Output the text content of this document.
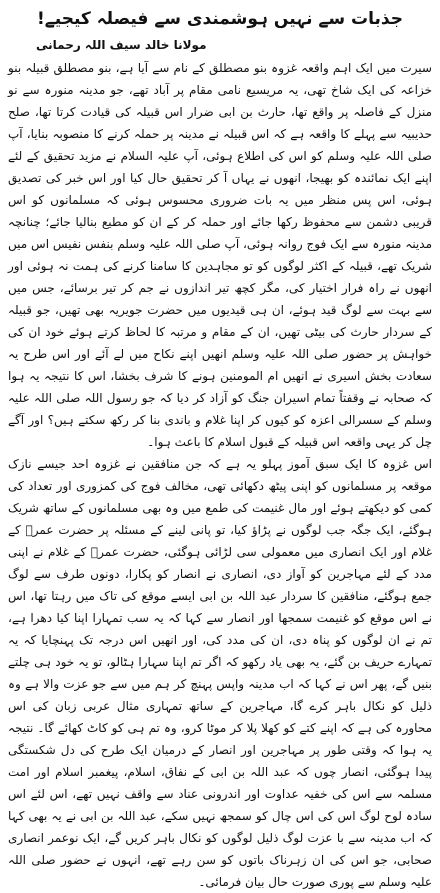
جذبات سے نہیں ہوشمندی سے فیصلہ کیجیے!
مولانا خالد سیف اللہ رحمانی

سیرت میں ایک اہم واقعہ غزوہ بنو مصطلق کے نام سے آیا ہے، بنو مصطلق قبیلہ بنو خزاعہ کی ایک شاخ تھی، یہ مریسیع نامی مقام پر آباد تھے، جو مدینہ منورہ سے نو منزل کے فاصلہ پر واقع تھا، حارث بن ابی ضرار اس قبیلہ کی قیادت کرتا تھا، صلح حدیبیہ سے پہلے کا واقعہ ہے کہ اس قبیلہ نے مدینہ پر حملہ کرنے کا منصوبہ بنایا، آپ صلی اللہ علیہ وسلم کو اس کی اطلاع ہوئی، آپ علیہ السلام نے مزید تحقیق کے لئے اپنے ایک نمائندہ کو بھیجا، انھوں نے یہاں آ کر تحقیق حال کیا اور اس خبر کی تصدیق ہوئی، اس پس منظر میں یہ بات ضروری محسوس ہوئی کہ مسلمانوں کو اس قریبی دشمن سے محفوظ رکھا جائے اور حملہ کر کے ان کو مطیع بنالیا جائے؛ چنانچہ مدینہ منورہ سے ایک فوج روانہ ہوئی، آپ صلی اللہ علیہ وسلم بنفس نفیس اس میں شریک تھے، قبیلہ کے اکثر لوگوں کو تو مجاہدین کا سامنا کرنے کی ہمت نہ ہوئی اور انھوں نے راہ فرار اختیار کی، مگر کچھ تیر اندازوں نے جم کر تیر برسائے، جس میں سے بہت سے لوگ قید ہوئے، ان ہی قیدیوں میں حضرت جویریہ بھی تھیں، جو قبیلہ کے سردار حارث کی بیٹی تھیں، ان کے مقام و مرتبہ کا لحاظ کرتے ہوئے خود ان کی خواہش پر حضور صلی اللہ علیہ وسلم انھیں اپنے نکاح میں لے آئے اور اس طرح یہ سعادت بخش اسیری نے انھیں ام المومنین ہونے کا شرف بخشا، اس کا نتیجہ یہ ہوا کہ صحابہ نے وقفتاً تمام اسیران جنگ کو آزاد کر دیا کہ جو رسول اللہ صلی اللہ علیہ وسلم کے سسرالی اعزہ کو کیوں کر اپنا غلام و باندی بنا کر رکھ سکتے ہیں؟ اور آگے چل کر یہی واقعہ اس قبیلہ کے قبول اسلام کا باعث ہوا۔

اس غزوہ کا ایک سبق آموز پہلو یہ ہے کہ جن منافقین نے غزوہ احد جیسے نازک موقعہ پر مسلمانوں کو اپنی پیٹھ دکھائی تھی، مخالف فوج کی کمزوری اور تعداد کی کمی کو دیکھتے ہوئے اور مال غنیمت کی طمع میں وہ بھی مسلمانوں کے ساتھ شریک ہوگئے، ایک جگہ جب لوگوں نے پڑاؤ کیا، تو پانی لینے کے مسئلہ پر حضرت عمرؓ کے غلام اور ایک انصاری میں معمولی سی لڑائی ہوگئی، حضرت عمرؓ کے غلام نے اپنی مدد کے لئے مہاجرین کو آواز دی، انصاری نے انصار کو پکارا، دونوں طرف سے لوگ جمع ہوگئے، منافقین کا سردار عبد اللہ بن ابی ایسے موقع کی تاک میں رہتا تھا، اس نے اس موقع کو غنیمت سمجھا اور انصار سے کہا کہ یہ سب تمہارا اپنا کیا دھرا ہے، تم نے ان لوگوں کو پناہ دی، ان کی مدد کی، اور انھیں اس درجہ تک پہنچایا کہ یہ تمہارے حریف بن گئے، یہ بھی یاد رکھو کہ اگر تم اپنا سہارا ہٹالو، تو یہ خود ہی چلتے بنیں گے، پھر اس نے کہا کہ اب مدینہ واپس پہنچ کر ہم میں سے جو عزت والا ہے وہ ذلیل کو نکال باہر کرے گا، مہاجرین کے ساتھ تمہاری مثال عربی زبان کی اس محاورہ کی ہے کہ اپنے کتے کو کھلا پلا کر موٹا کرو، وہ تم ہی کو کاٹ کھائے گا۔ نتیجہ یہ ہوا کہ وقتی طور پر مہاجرین اور انصار کے درمیان ایک طرح کی دل شکستگی پیدا ہوگئی، انصار چوں کہ عبد اللہ بن ابی کے نفاق، اسلام، پیغمبر اسلام اور امت مسلمہ سے اس کی خفیہ عداوت اور اندرونی عناد سے واقف نہیں تھے، اس لئے اس سادہ لوح لوگ اس کی اس چال کو سمجھ نہیں سکے، عبد اللہ بن ابی نے یہ بھی کہا کہ اب مدینہ سے با عزت لوگ ذلیل لوگوں کو نکال باہر کریں گے، ایک نوعمر انصاری صحابی، جو اس کی ان زہرناک باتوں کو سن رہے تھے، انہوں نے حضور صلی اللہ علیہ وسلم سے پوری صورت حال بیان فرمائی۔
